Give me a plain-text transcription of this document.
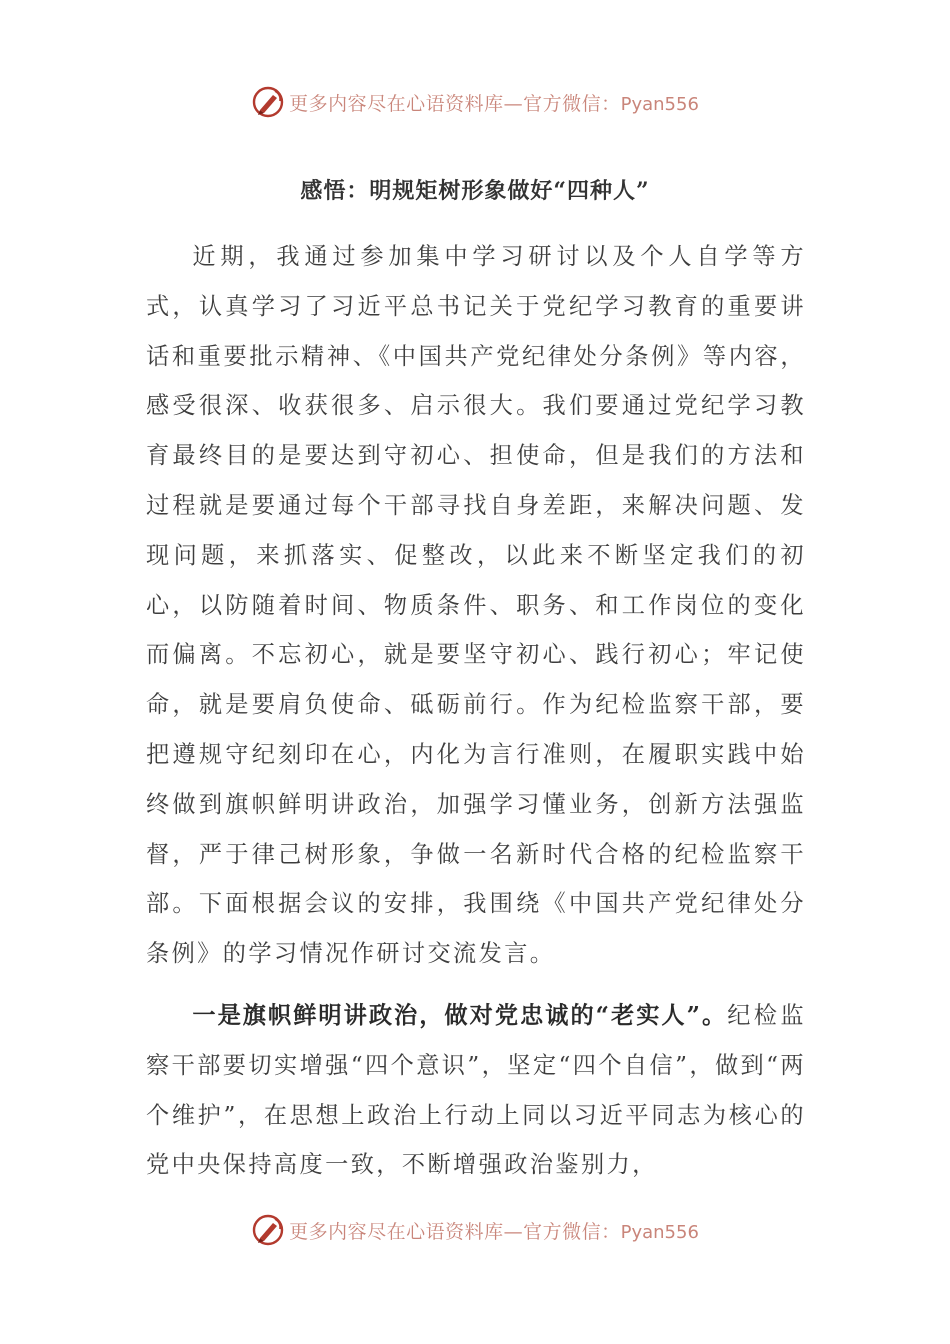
更多内容尽在心语资料库—官方微信：Pyan556
感悟：明规矩树形象做好“四种人”

近期，我通过参加集中学习研讨以及个人自学等方式，认真学习了习近平总书记关于党纪学习教育的重要讲话和重要批示精神、《中国共产党纪律处分条例》等内容，感受很深、收获很多、启示很大。我们要通过党纪学习教育最终目的是要达到守初心、担使命，但是我们的方法和过程就是要通过每个干部寻找自身差距，来解决问题、发现问题，来抓落实、促整改，以此来不断坚定我们的初心，以防随着时间、物质条件、职务、和工作岗位的变化而偏离。不忘初心，就是要坚守初心、践行初心；牢记使命，就是要肩负使命、砥砺前行。作为纪检监察干部，要把遵规守纪刻印在心，内化为言行准则，在履职实践中始终做到旗帜鲜明讲政治，加强学习懂业务，创新方法强监督，严于律己树形象，争做一名新时代合格的纪检监察干部。下面根据会议的安排，我围绕《中国共产党纪律处分条例》的学习情况作研讨交流发言。

一是旗帜鲜明讲政治，做对党忠诚的“老实人”。纪检监察干部要切实增强“四个意识”，坚定“四个自信”，做到“两个维护”，在思想上政治上行动上同以习近平同志为核心的党中央保持高度一致，不断增强政治鉴别力，

更多内容尽在心语资料库—官方微信：Pyan556
